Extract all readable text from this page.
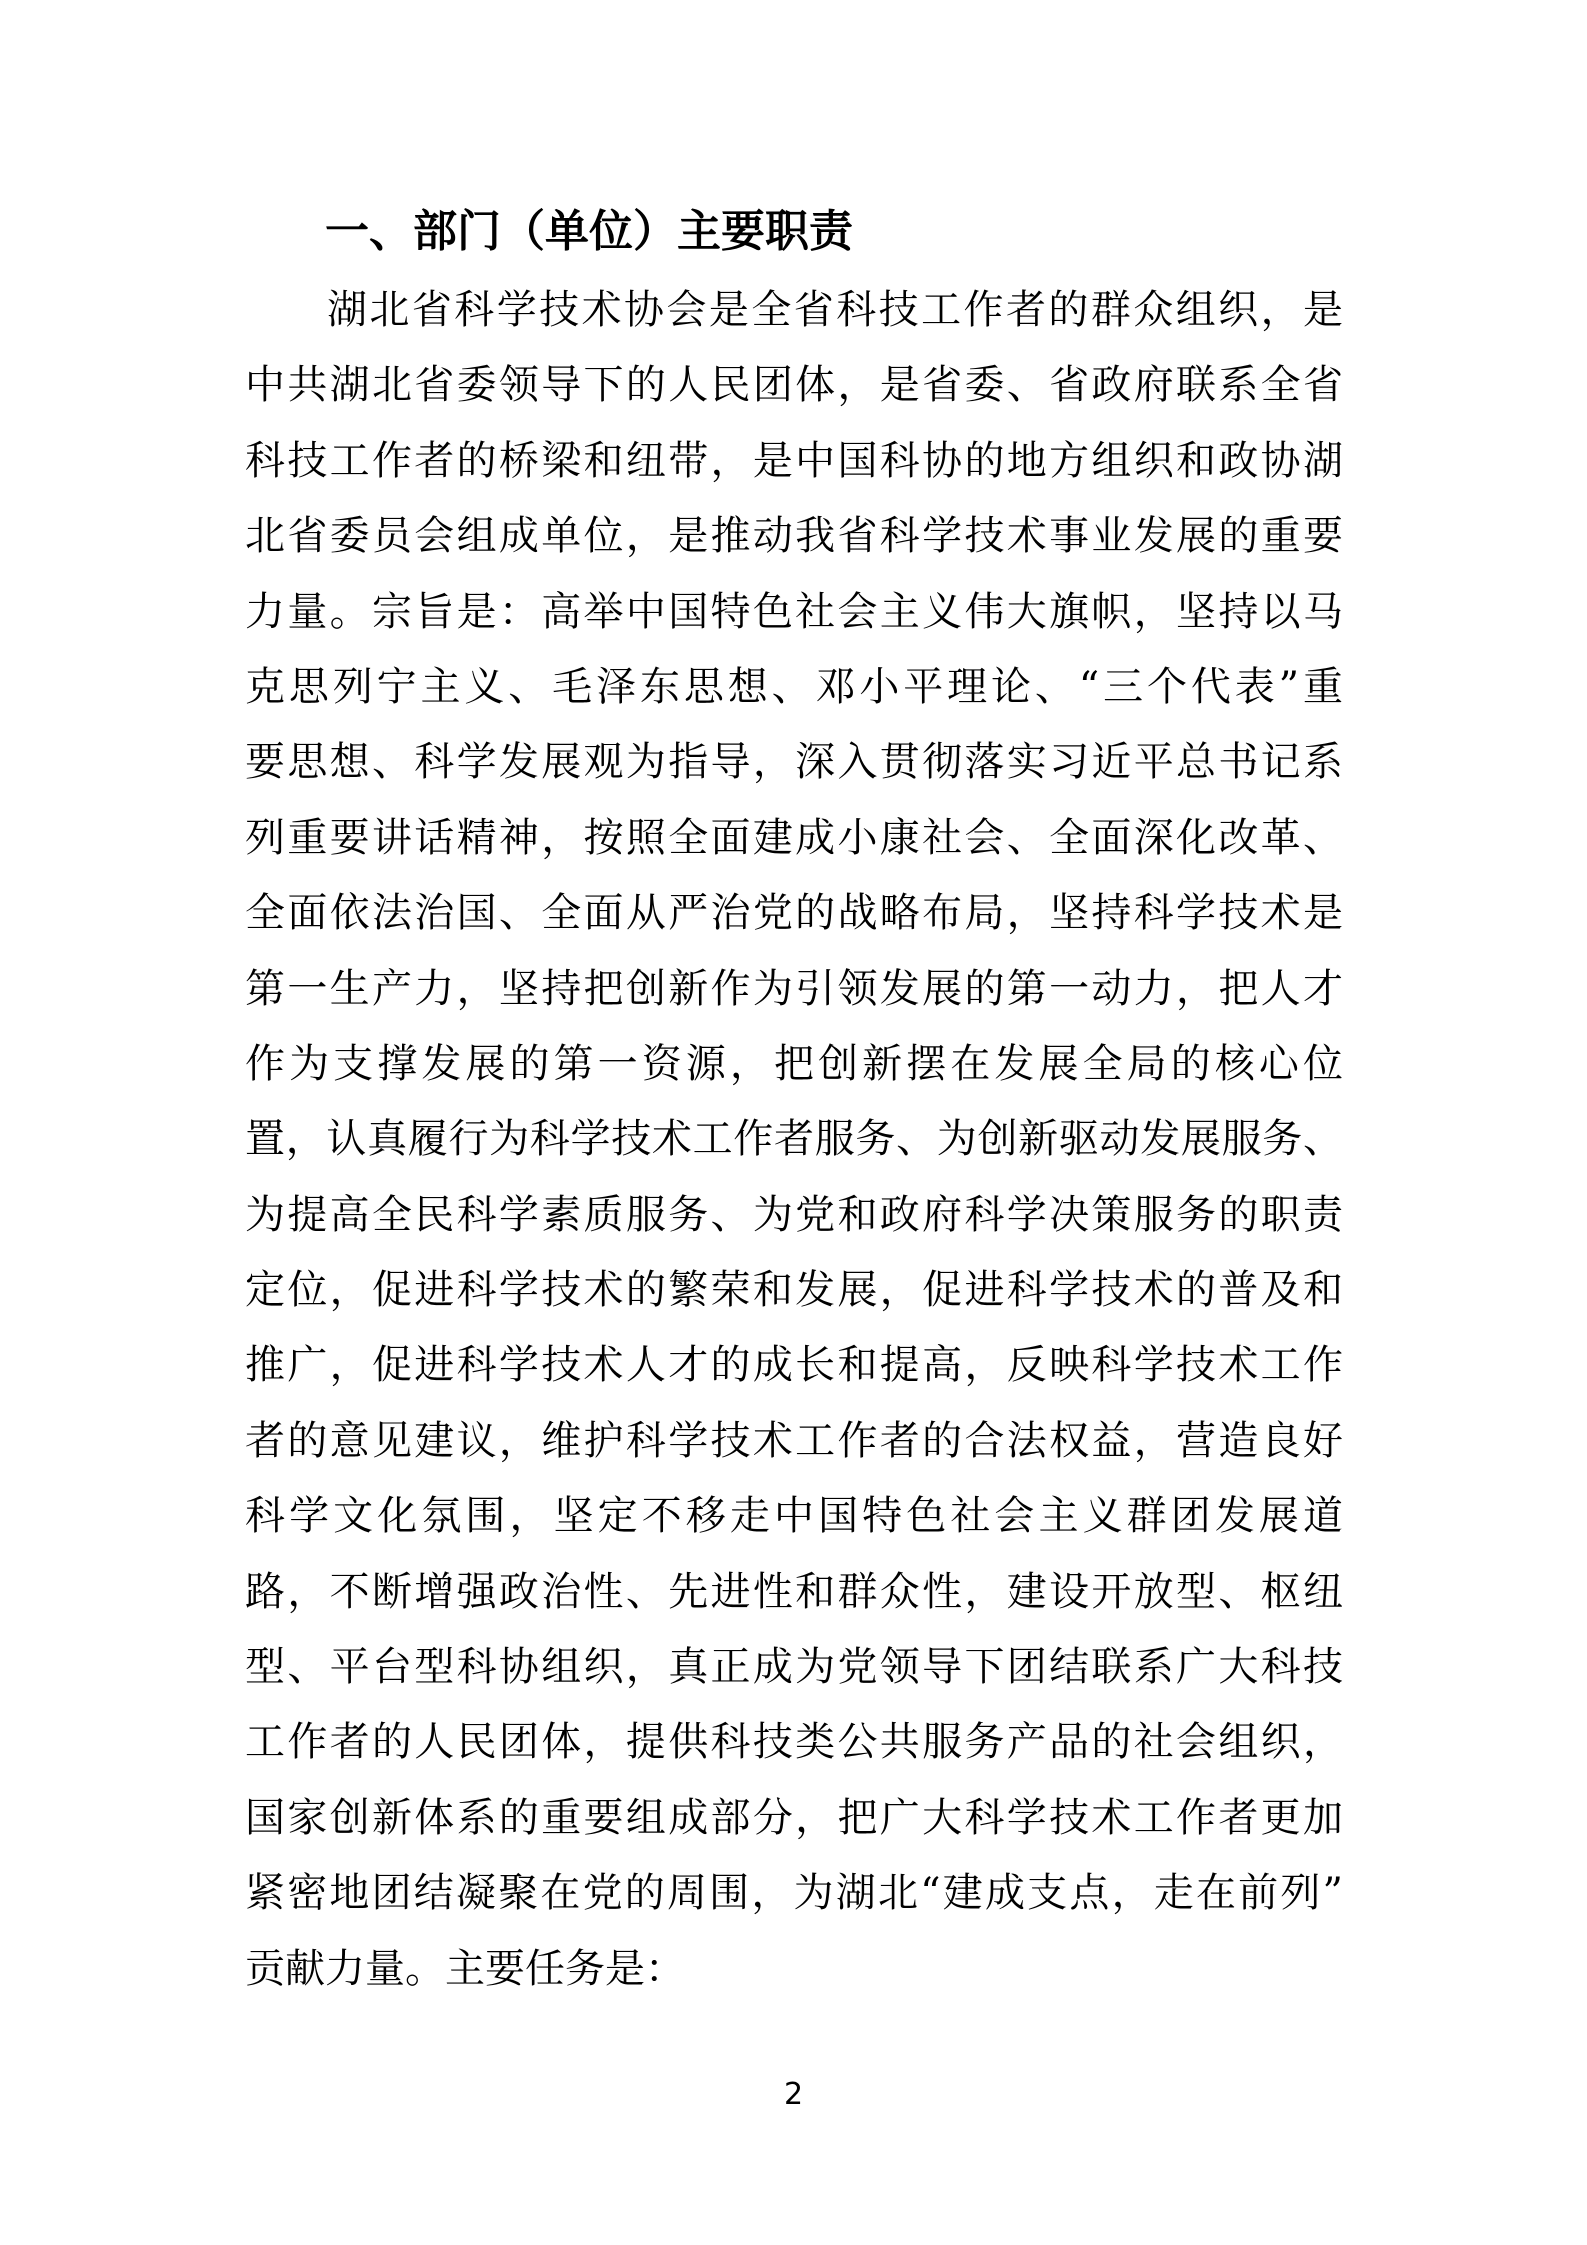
一、部门（单位）主要职责
湖北省科学技术协会是全省科技工作者的群众组织，是
中共湖北省委领导下的人民团体，是省委、省政府联系全省
科技工作者的桥梁和纽带，是中国科协的地方组织和政协湖
北省委员会组成单位，是推动我省科学技术事业发展的重要
力量。宗旨是：高举中国特色社会主义伟大旗帜，坚持以马
克思列宁主义、毛泽东思想、邓小平理论、“三个代表”重
要思想、科学发展观为指导，深入贯彻落实习近平总书记系
列重要讲话精神，按照全面建成小康社会、全面深化改革、
全面依法治国、全面从严治党的战略布局，坚持科学技术是
第一生产力，坚持把创新作为引领发展的第一动力，把人才
作为支撑发展的第一资源，把创新摆在发展全局的核心位
置，认真履行为科学技术工作者服务、为创新驱动发展服务、
为提高全民科学素质服务、为党和政府科学决策服务的职责
定位，促进科学技术的繁荣和发展，促进科学技术的普及和
推广，促进科学技术人才的成长和提高，反映科学技术工作
者的意见建议，维护科学技术工作者的合法权益，营造良好
科学文化氛围，坚定不移走中国特色社会主义群团发展道
路，不断增强政治性、先进性和群众性，建设开放型、枢纽
型、平台型科协组织，真正成为党领导下团结联系广大科技
工作者的人民团体，提供科技类公共服务产品的社会组织，
国家创新体系的重要组成部分，把广大科学技术工作者更加
紧密地团结凝聚在党的周围，为湖北“建成支点，走在前列”
贡献力量。主要任务是：
2
